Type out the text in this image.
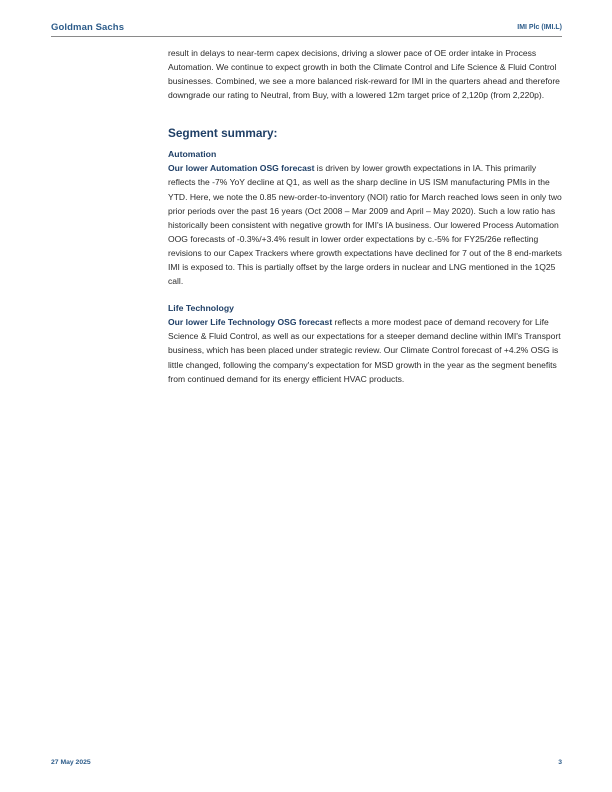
Goldman Sachs	IMI Plc (IMI.L)

result in delays to near-term capex decisions, driving a slower pace of OE order intake in Process Automation. We continue to expect growth in both the Climate Control and Life Science & Fluid Control businesses. Combined, we see a more balanced risk-reward for IMI in the quarters ahead and therefore downgrade our rating to Neutral, from Buy, with a lowered 12m target price of 2,120p (from 2,220p).

Segment summary:
Automation

Our lower Automation OSG forecast is driven by lower growth expectations in IA. This primarily reflects the -7% YoY decline at Q1, as well as the sharp decline in US ISM manufacturing PMIs in the YTD. Here, we note the 0.85 new-order-to-inventory (NOI) ratio for March reached lows seen in only two prior periods over the past 16 years (Oct 2008 – Mar 2009 and April – May 2020). Such a low ratio has historically been consistent with negative growth for IMI's IA business. Our lowered Process Automation OOG forecasts of -0.3%/+3.4% result in lower order expectations by c.-5% for FY25/26e reflecting revisions to our Capex Trackers where growth expectations have declined for 7 out of the 8 end-markets IMI is exposed to. This is partially offset by the large orders in nuclear and LNG mentioned in the 1Q25 call.

Life Technology

Our lower Life Technology OSG forecast reflects a more modest pace of demand recovery for Life Science & Fluid Control, as well as our expectations for a steeper demand decline within IMI's Transport business, which has been placed under strategic review. Our Climate Control forecast of +4.2% OSG is little changed, following the company's expectation for MSD growth in the year as the segment benefits from continued demand for its energy efficient HVAC products.

27 May 2025	3
